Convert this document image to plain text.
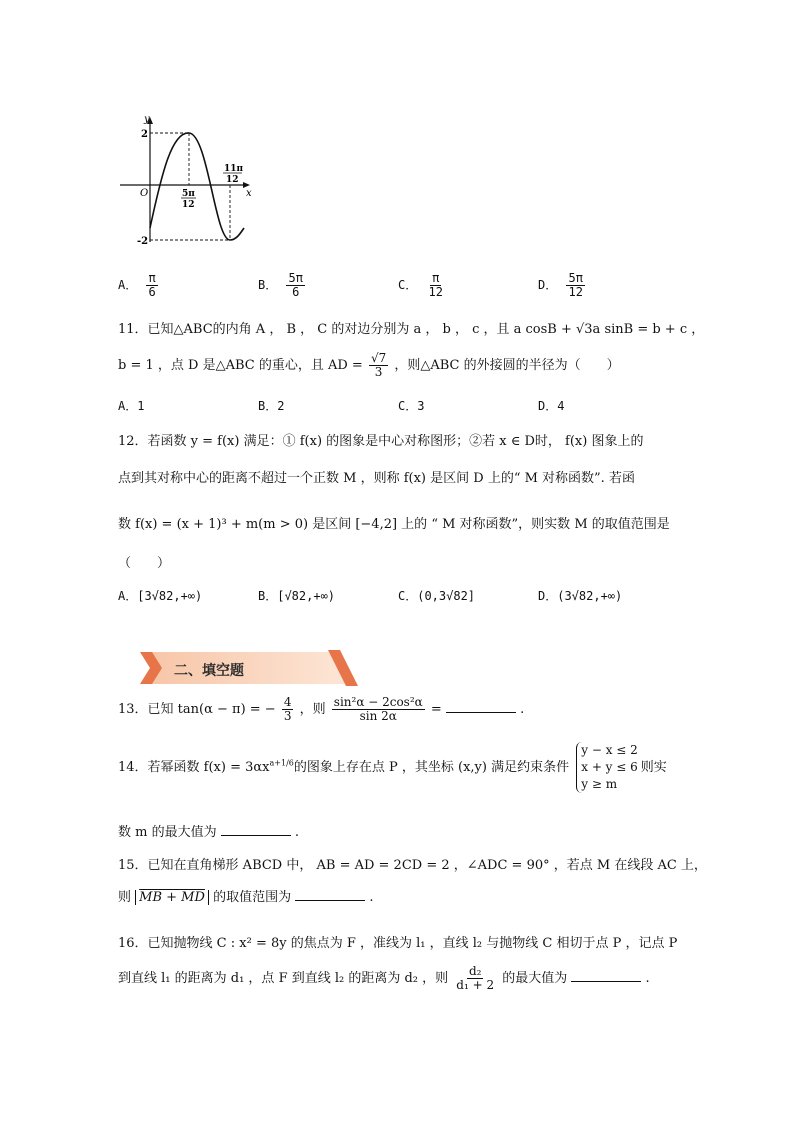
y
x
O
2
-2
5π
12
11π
12
A． $\frac{\pi}{6}$	B． $\frac{5\pi}{6}$	C． $\frac{\pi}{12}$	D． $\frac{5\pi}{12}$
11．已知△ABC的内角 A ， B ， C 的对边分别为 a ， b ， c ，且 a cosB + √3a sinB = b + c ，
b = 1 ，点 D 是△ABC 的重心，且 AD = $\frac{√7}{3}$ ，则△ABC 的外接圆的半径为（　　）
A．1	B．2	C．3	D．4
12．若函数 y = f(x) 满足：① f(x) 的图象是中心对称图形；②若 x ∈ D时， f(x) 图象上的
点到其对称中心的距离不超过一个正数 M ，则称 f(x) 是区间 D 上的“ M 对称函数”. 若函
数 f(x) = (x + 1)³ + m(m > 0) 是区间 [−4,2] 上的 “ M 对称函数”，则实数 M 的取值范围是
（　　）
A．[3√82,+∞)	B．[√82,+∞)	C．(0,3√82]	D．(3√82,+∞)
二、填空题
13．已知 tan(α − π) = − $\frac{4}{3}$ ，则 $\frac{\text{sin²α − 2cos²α}}{\sin 2\alpha}$ =	.
14．若幂函数 $f(x) = 3\alpha x^{a+1/6}$的图象上存在点 P ，其坐标 (x,y) 满足约束条件
y − x ≤ 2
x + y ≤ 6
y ≥ m
则实
数 m 的最大值为	.
15．已知在直角梯形 ABCD 中， AB = AD = 2CD = 2 ，∠ADC = 90° ，若点 M 在线段 AC 上，
则 MB + MD 的取值范围为	.
16．已知抛物线 C : x² = 8y 的焦点为 F ，准线为 l₁ ，直线 l₂ 与抛物线 C 相切于点 P ，记点 P
到直线 l₁ 的距离为 d₁ ，点 F 到直线 l₂ 的距离为 d₂ ，则 $\frac{\text{d₂}}{\text{d₁ + 2}}$ 的最大值为	.
